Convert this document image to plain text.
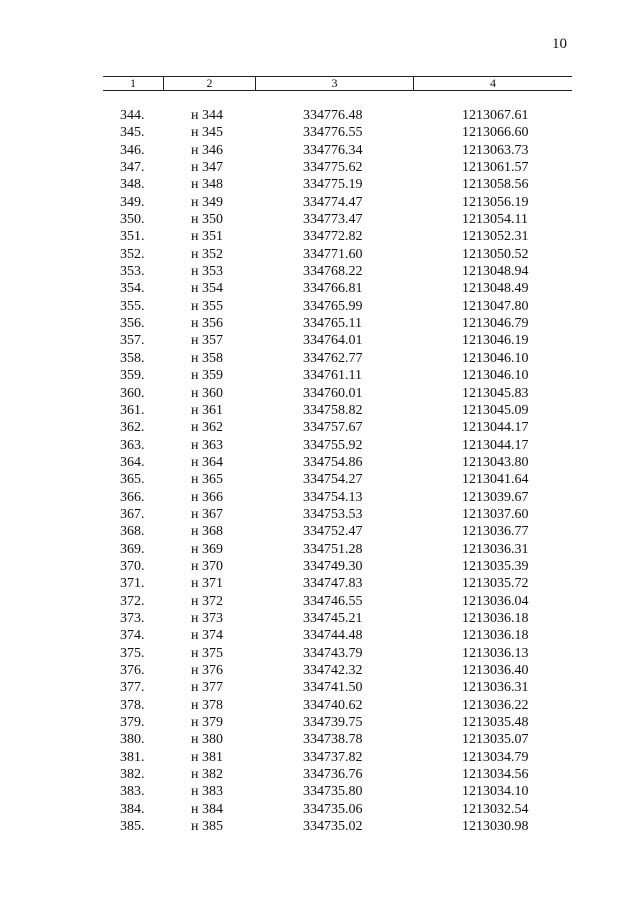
10
1	2	3	4
344.	н 344	334776.48	1213067.61
345.	н 345	334776.55	1213066.60
346.	н 346	334776.34	1213063.73
347.	н 347	334775.62	1213061.57
348.	н 348	334775.19	1213058.56
349.	н 349	334774.47	1213056.19
350.	н 350	334773.47	1213054.11
351.	н 351	334772.82	1213052.31
352.	н 352	334771.60	1213050.52
353.	н 353	334768.22	1213048.94
354.	н 354	334766.81	1213048.49
355.	н 355	334765.99	1213047.80
356.	н 356	334765.11	1213046.79
357.	н 357	334764.01	1213046.19
358.	н 358	334762.77	1213046.10
359.	н 359	334761.11	1213046.10
360.	н 360	334760.01	1213045.83
361.	н 361	334758.82	1213045.09
362.	н 362	334757.67	1213044.17
363.	н 363	334755.92	1213044.17
364.	н 364	334754.86	1213043.80
365.	н 365	334754.27	1213041.64
366.	н 366	334754.13	1213039.67
367.	н 367	334753.53	1213037.60
368.	н 368	334752.47	1213036.77
369.	н 369	334751.28	1213036.31
370.	н 370	334749.30	1213035.39
371.	н 371	334747.83	1213035.72
372.	н 372	334746.55	1213036.04
373.	н 373	334745.21	1213036.18
374.	н 374	334744.48	1213036.18
375.	н 375	334743.79	1213036.13
376.	н 376	334742.32	1213036.40
377.	н 377	334741.50	1213036.31
378.	н 378	334740.62	1213036.22
379.	н 379	334739.75	1213035.48
380.	н 380	334738.78	1213035.07
381.	н 381	334737.82	1213034.79
382.	н 382	334736.76	1213034.56
383.	н 383	334735.80	1213034.10
384.	н 384	334735.06	1213032.54
385.	н 385	334735.02	1213030.98
